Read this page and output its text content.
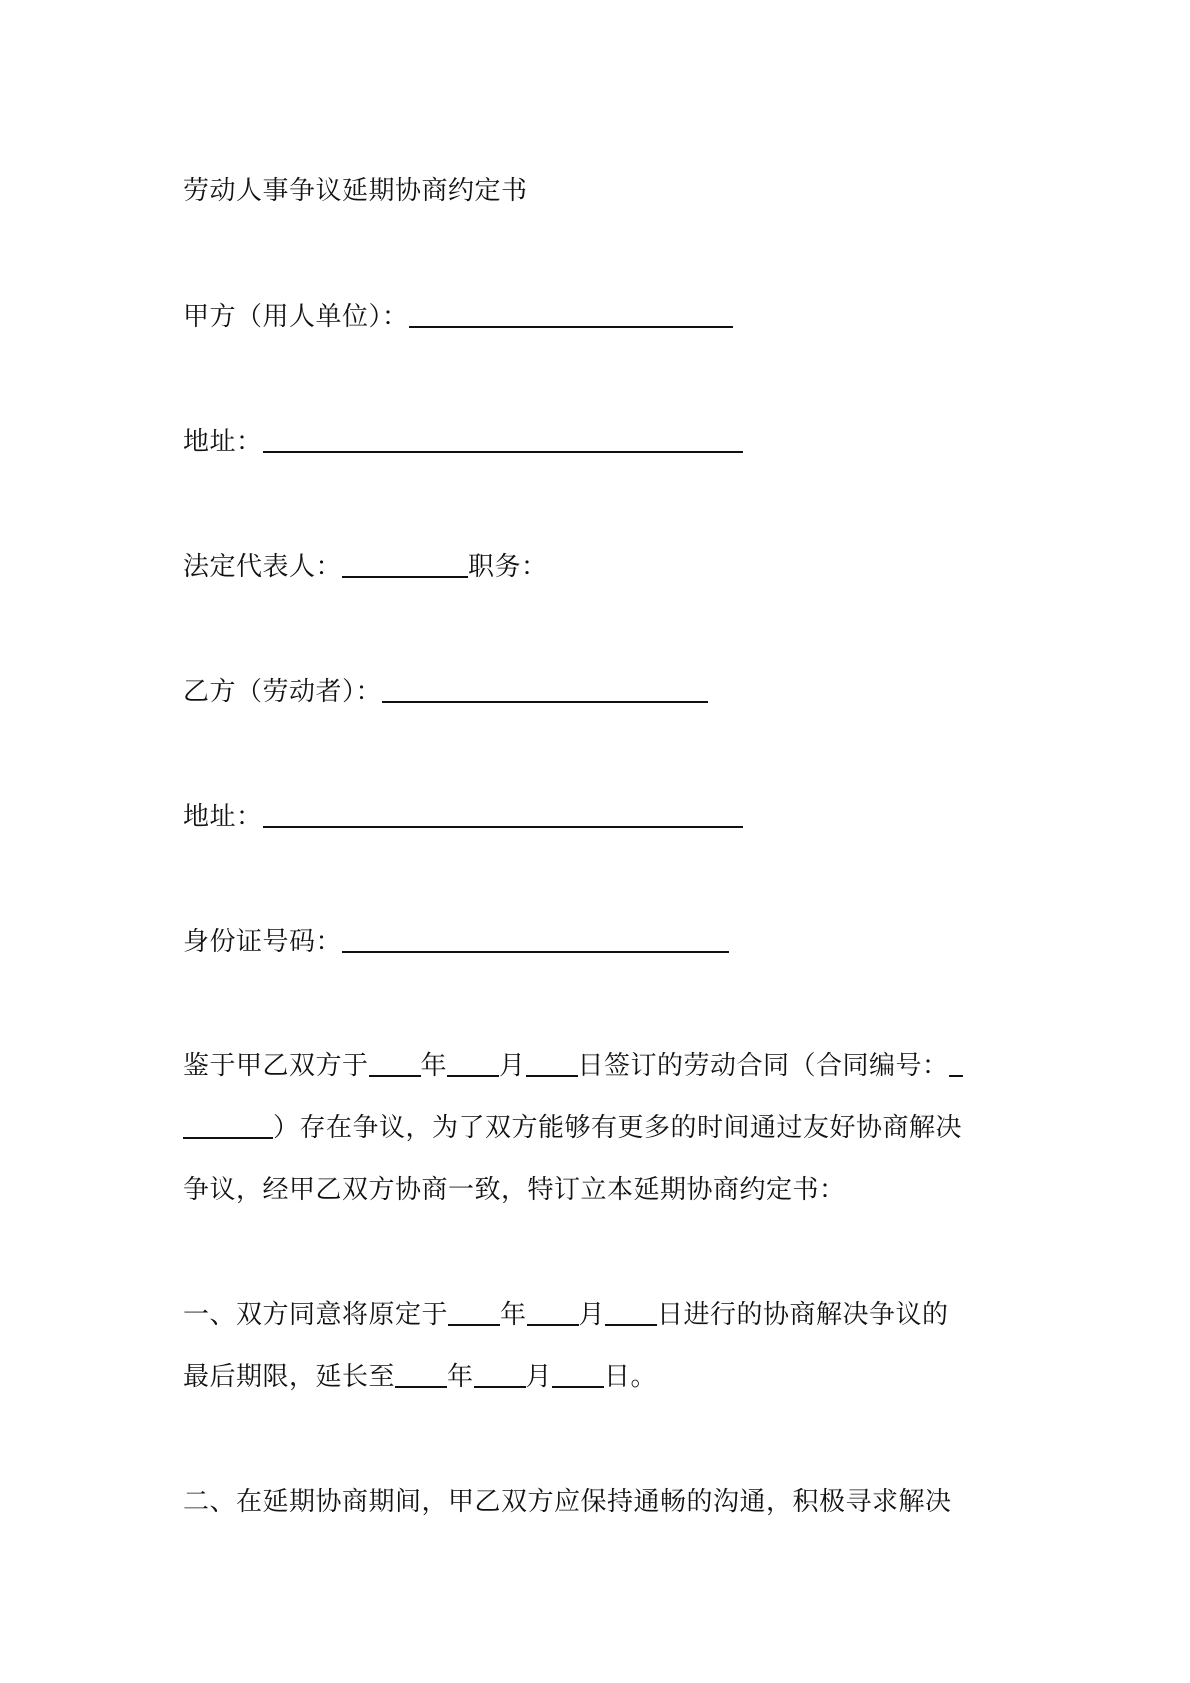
劳动人事争议延期协商约定书
甲方（用人单位）：
地址：
法定代表人：	职务：
乙方（劳动者）：
地址：
身份证号码：
鉴于甲乙双方于 年 月 日签订的劳动合同（合同编号：
）存在争议，为了双方能够有更多的时间通过友好协商解决
争议，经甲乙双方协商一致，特订立本延期协商约定书：
一、双方同意将原定于 年 月 日进行的协商解决争议的
最后期限，延长至 年 月 日。
二、在延期协商期间，甲乙双方应保持通畅的沟通，积极寻求解决
